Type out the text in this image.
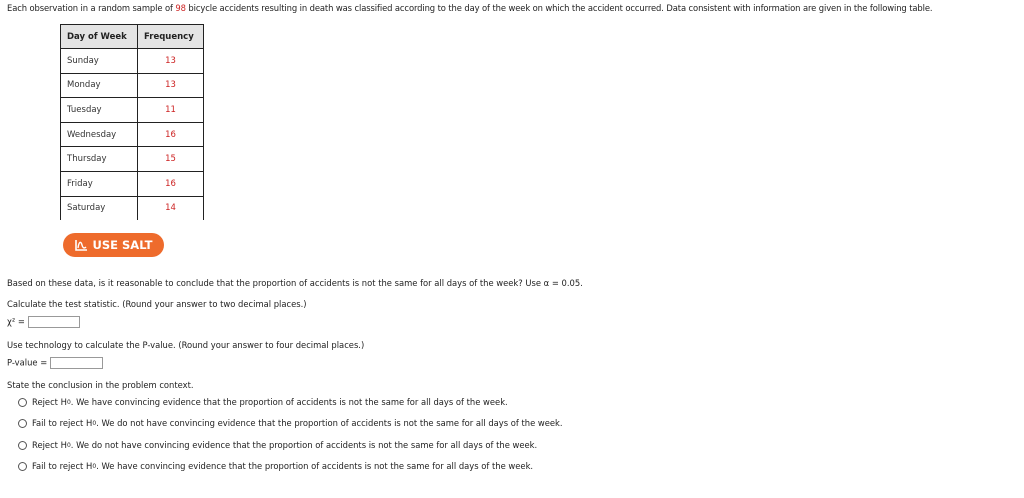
Each observation in a random sample of 98 bicycle accidents resulting in death was classified according to the day of the week on which the accident occurred. Data consistent with information are given in the following table.
Day of Week	Frequency
Sunday	13
Monday	13
Tuesday	11
Wednesday	16
Thursday	15
Friday	16
Saturday	14
USE SALT
Based on these data, is it reasonable to conclude that the proportion of accidents is not the same for all days of the week? Use α = 0.05.
Calculate the test statistic. (Round your answer to two decimal places.)
χ² =
Use technology to calculate the P-value. (Round your answer to four decimal places.)
P-value =
State the conclusion in the problem context.
Reject H 0 . We have convincing evidence that the proportion of accidents is not the same for all days of the week.
Fail to reject H 0 . We do not have convincing evidence that the proportion of accidents is not the same for all days of the week.
Reject H 0 . We do not have convincing evidence that the proportion of accidents is not the same for all days of the week.
Fail to reject H 0 . We have convincing evidence that the proportion of accidents is not the same for all days of the week.
